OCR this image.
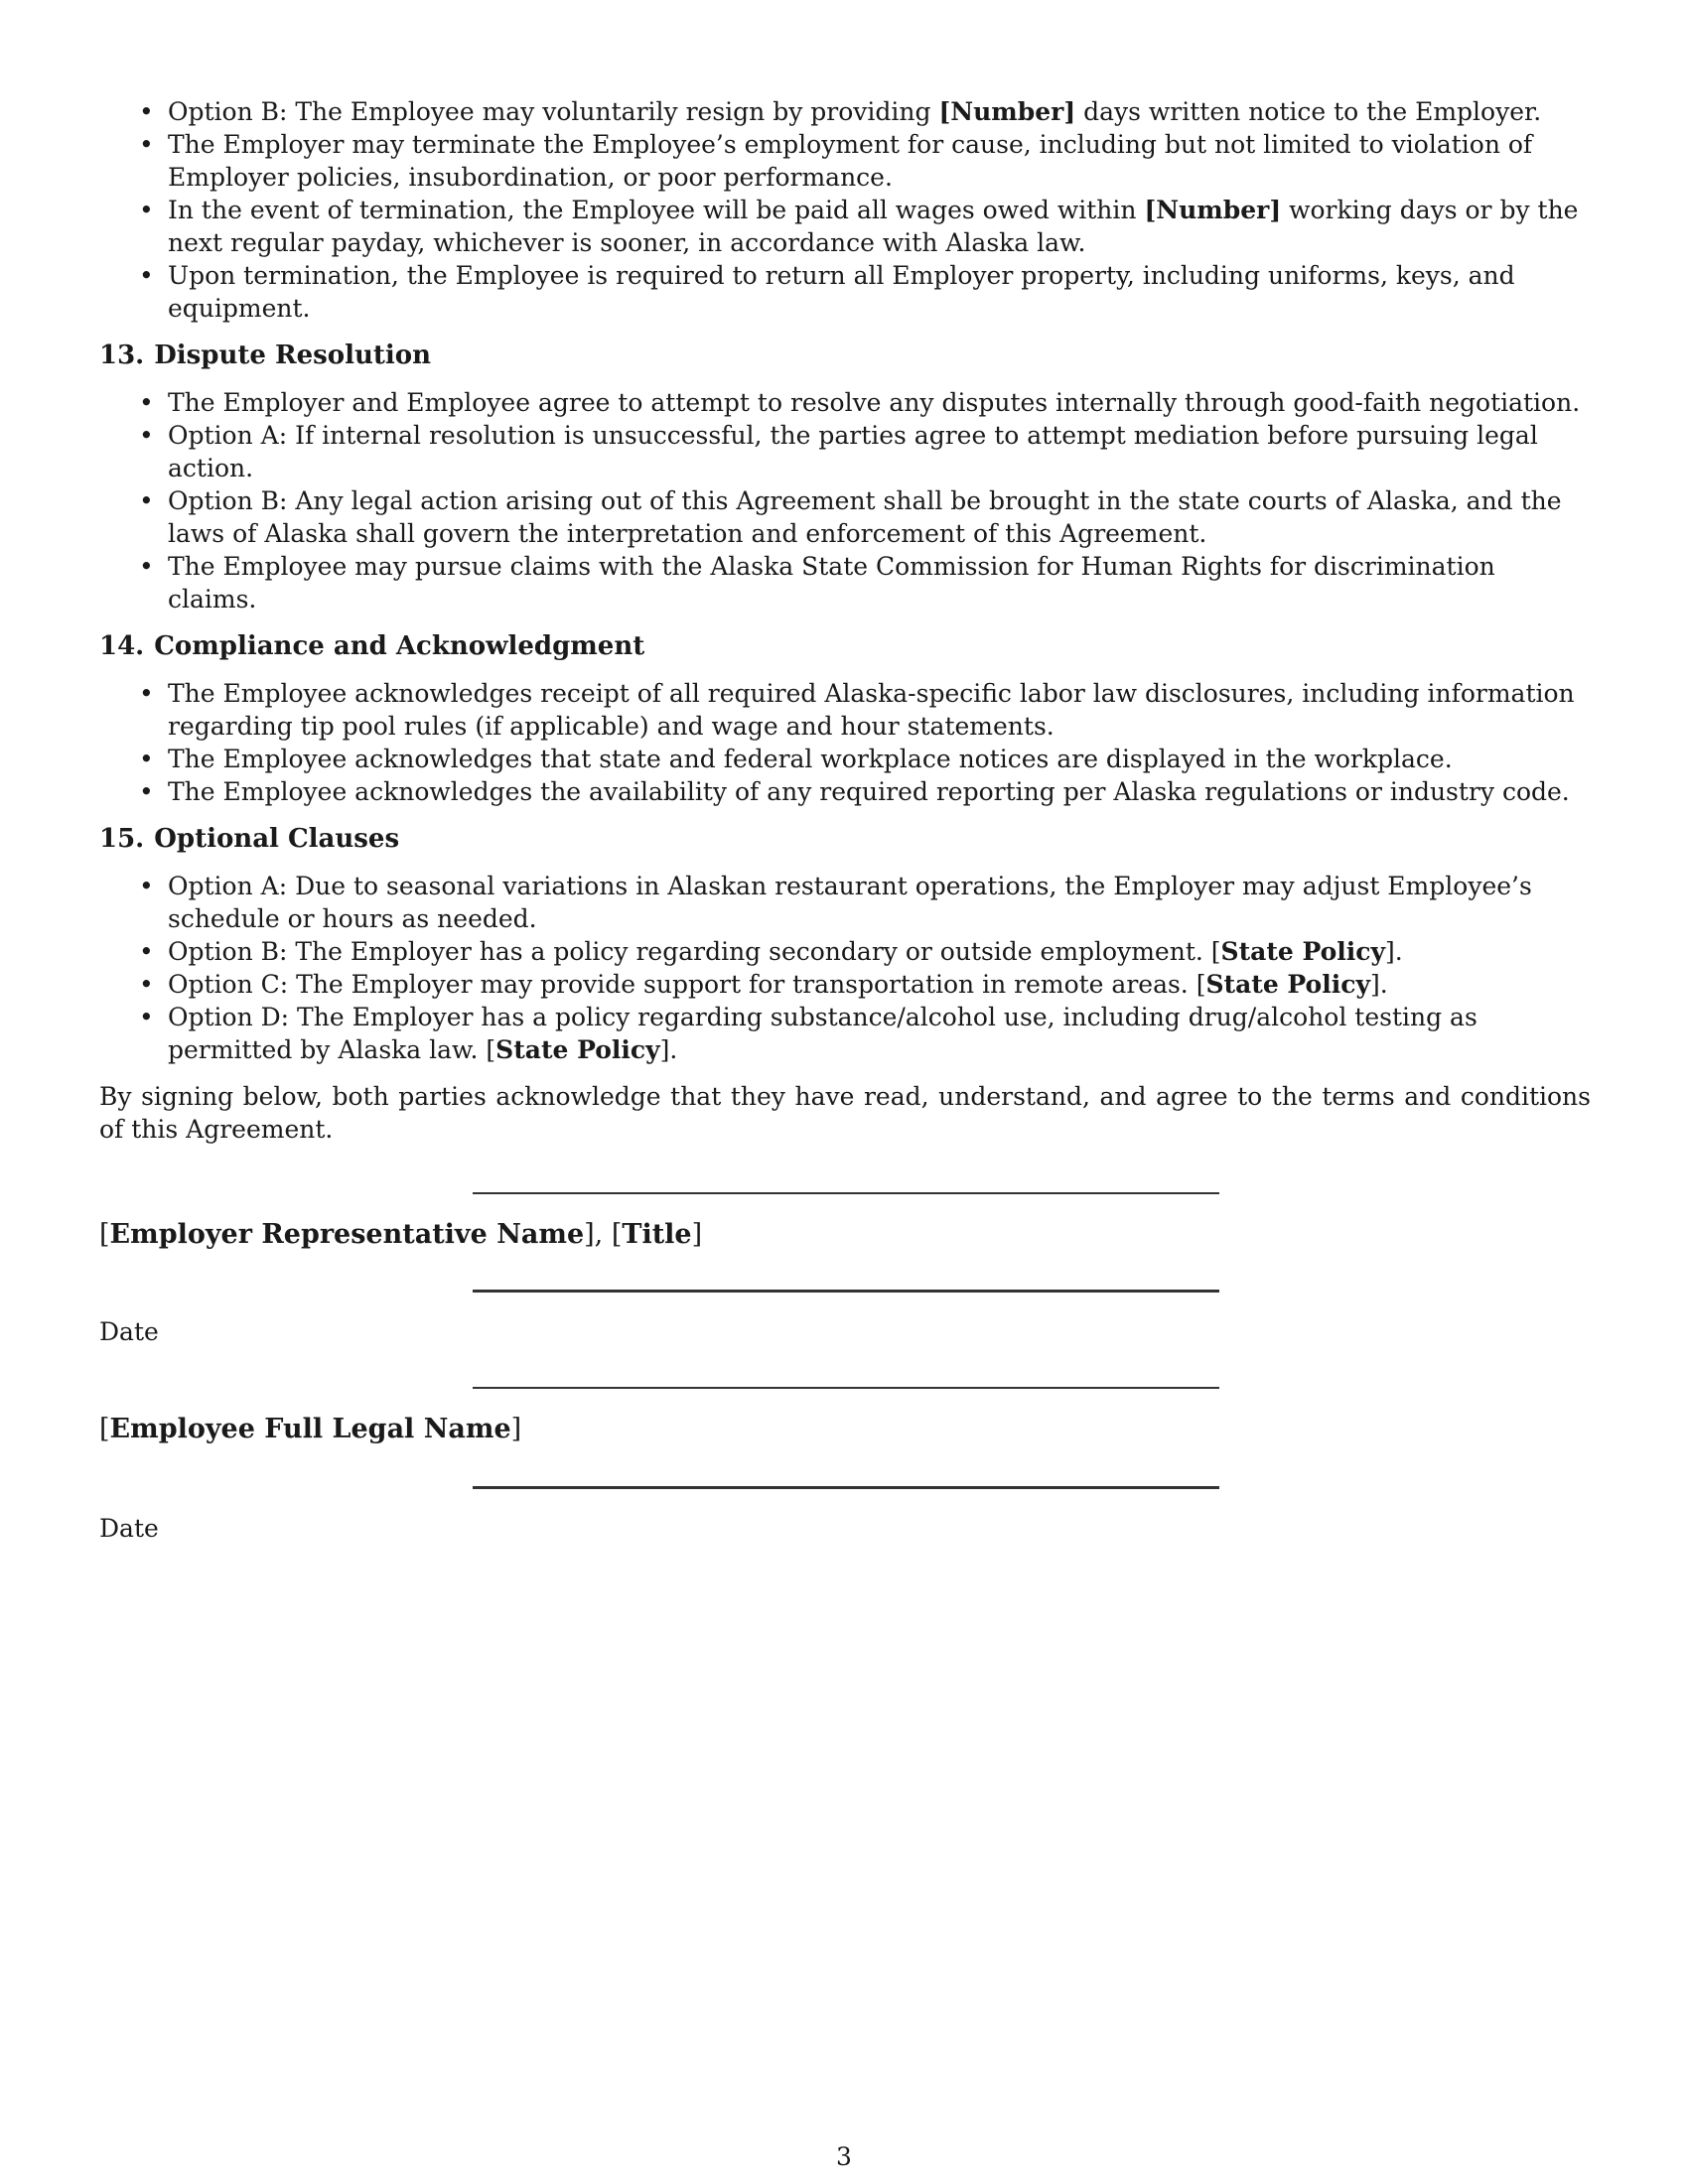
• Option B: The Employee may voluntarily resign by providing [Number] days written notice to the Employer.
• The Employer may terminate the Employee’s employment for cause, including but not limited to violation of Employer policies, insubordination, or poor performance.
• In the event of termination, the Employee will be paid all wages owed within [Number] working days or by the next regular payday, whichever is sooner, in accordance with Alaska law.
• Upon termination, the Employee is required to return all Employer property, including uniforms, keys, and equipment.
13. Dispute Resolution
• The Employer and Employee agree to attempt to resolve any disputes internally through good-faith negotiation.
• Option A: If internal resolution is unsuccessful, the parties agree to attempt mediation before pursuing legal action.
• Option B: Any legal action arising out of this Agreement shall be brought in the state courts of Alaska, and the laws of Alaska shall govern the interpretation and enforcement of this Agreement.
• The Employee may pursue claims with the Alaska State Commission for Human Rights for discrimination claims.
14. Compliance and Acknowledgment
• The Employee acknowledges receipt of all required Alaska-specific labor law disclosures, including information regarding tip pool rules (if applicable) and wage and hour statements.
• The Employee acknowledges that state and federal workplace notices are displayed in the workplace.
• The Employee acknowledges the availability of any required reporting per Alaska regulations or industry code.
15. Optional Clauses
• Option A: Due to seasonal variations in Alaskan restaurant operations, the Employer may adjust Employee’s schedule or hours as needed.
• Option B: The Employer has a policy regarding secondary or outside employment. [State Policy].
• Option C: The Employer may provide support for transportation in remote areas. [State Policy].
• Option D: The Employer has a policy regarding substance/alcohol use, including drug/alcohol testing as permitted by Alaska law. [State Policy].

By signing below, both parties acknowledge that they have read, understand, and agree to the terms and conditions of this Agreement.

[Employer Representative Name], [Title]
Date
[Employee Full Legal Name]
Date
3
